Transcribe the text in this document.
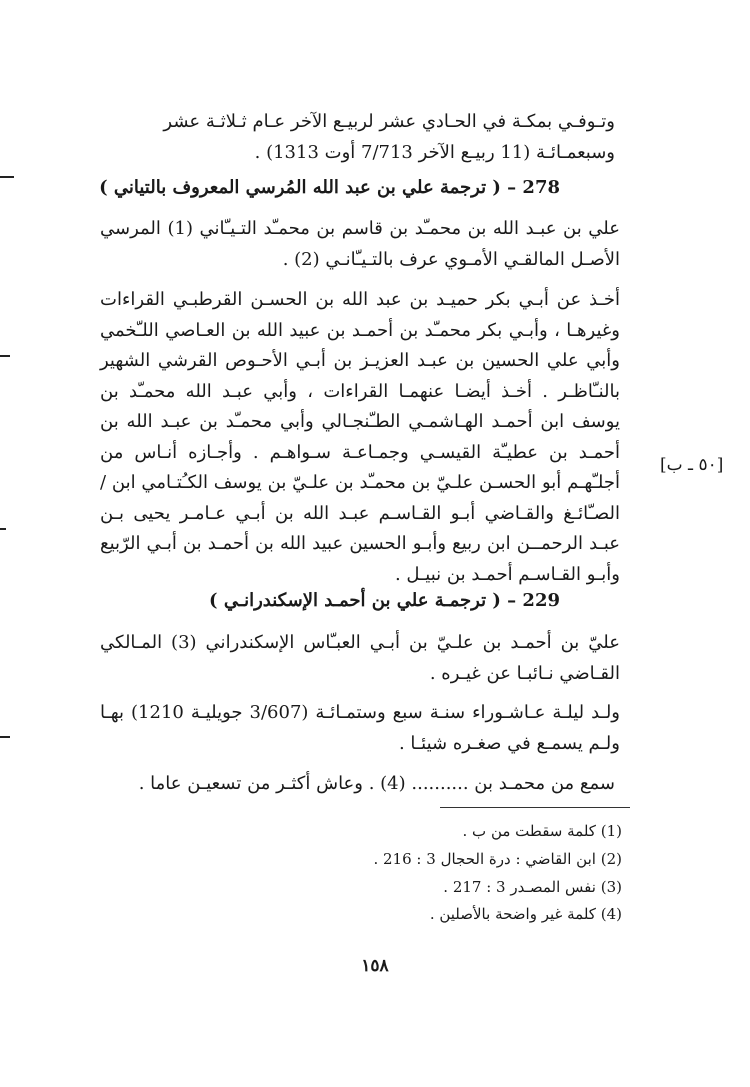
وتـوفـي بمكـة في الحـادي عشر لربيـع الآخر عـام ثـلاثـة عشر
وسبعمـائـة (11 ربيـع الآخر 7/713 أوت 1313) .
278 – ( ترجمة علي بن عبد الله المُرسي المعروف بالتياني )
علي بن عبـد الله بن محمـّد بن قاسم بن محمـّد التـيـّاني (1) المرسي الأصـل المالقـي الأمـوي عرف بالتـيـّانـي (2) .
أخـذ عن أبـي بكر حميـد بن عبد الله بن الحسـن القرطبـي القراءات وغيرهـا ، وأبـي بكر محمـّد بن أحمـد بن عبيد الله بن العـاصي اللـّخمي وأبي علي الحسين بن عبـد العزيـز بن أبـي الأحـوص القرشي الشهير بالنـّاظـر . أخـذ أيضـا عنهمـا القراءات ، وأبي عبـد الله محمـّد بن يوسف ابن أحمـد الهـاشمـي الطـّنجـالي وأبي محمـّد بن عبـد الله بن أحمـد بن عطيـّة القيسـي وجمـاعـة سـواهـم . وأجـازه أنـاس من أجلـّهـم أبو الحسـن علـيّ بن محمـّد بن علـيّ بن يوسف الكـُتـامي ابن / الصـّائـغ والقـاضي أبـو القـاسـم عبـد الله بن أبـي عـامـر يحيى بـن عبـد الرحمــن ابن ربيع وأبـو الحسين عبيد الله بن أحمـد بن أبـي الرّبيع وأبـو القـاسـم أحمـد بن نبيـل .
[٥٠ ـ ب]
229 – ( ترجمـة علي بن أحمـد الإسكندرانـي )
عليّ بن أحمـد بن علـيّ بن أبـي العبـّاس الإسكندراني (3) المـالكي القـاضي نـائبـا عن غيـره .
ولـد ليلـة عـاشـوراء سنـة سبع وستمـائـة (3/607 جويليـة 1210) بهـا ولـم يسمـع في صغـره شيئـا .
سمع من محمـد بن .......... (4) . وعاش أكثـر من تسعيـن عاما .
(1) كلمة سقطت من ب .
(2) ابن القاضي : درة الحجال 3 : 216 .
(3) نفس المصـدر 3 : 217 .
(4) كلمة غير واضحة بالأصلين .
١٥٨
